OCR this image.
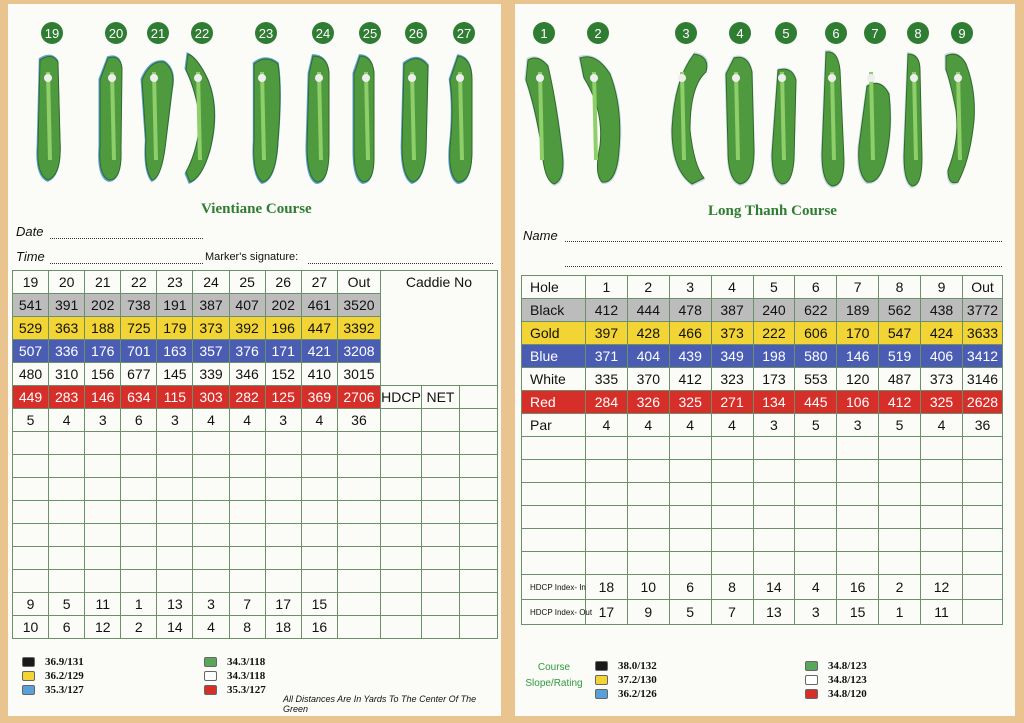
19	20 21 22	23	24	25 26	27
Vientiane Course
Date
Time	Marker's signature:
19	20	21	22	23	24	25	26	27	Out	Caddie No		
541	391	202	738	191	387	407	202	461	3520			
529	363	188	725	179	373	392	196	447	3392			
507	336	176	701	163	357	376	171	421	3208			
480	310	156	677	145	339	346	152	410	3015			
449	283	146	634	115	303	282	125	369	2706	HDCP	NET	
5	4	3	6	3	4	4	3	4	36			

9	5	11	1	13	3	7	17	15				
10	6	12	2	14	4	8	18	16				
36.9/131
36.2/129
35.3/127
34.3/118
34.3/118
35.3/127
All Distances Are In Yards To The Center Of The Green
1	2	3	4	5	6	7	8	9
Long Thanh Course
Name
Hole	1	2	3	4	5	6	7	8	9	Out
Black	412	444	478	387	240	622	189	562	438	3772
Gold	397	428	466	373	222	606	170	547	424	3633
Blue	371	404	439	349	198	580	146	519	406	3412
White	335	370	412	323	173	553	120	487	373	3146
Red	284	326	325	271	134	445	106	412	325	2628
Par	4	4	4	4	3	5	3	5	4	36

HDCP Index- In	18	10	6	8	14	4	16	2	12	
HDCP Index- Out	17	9	5	7	13	3	15	1	11	
Course
Slope/Rating
38.0/132
37.2/130
36.2/126
34.8/123
34.8/123
34.8/120
